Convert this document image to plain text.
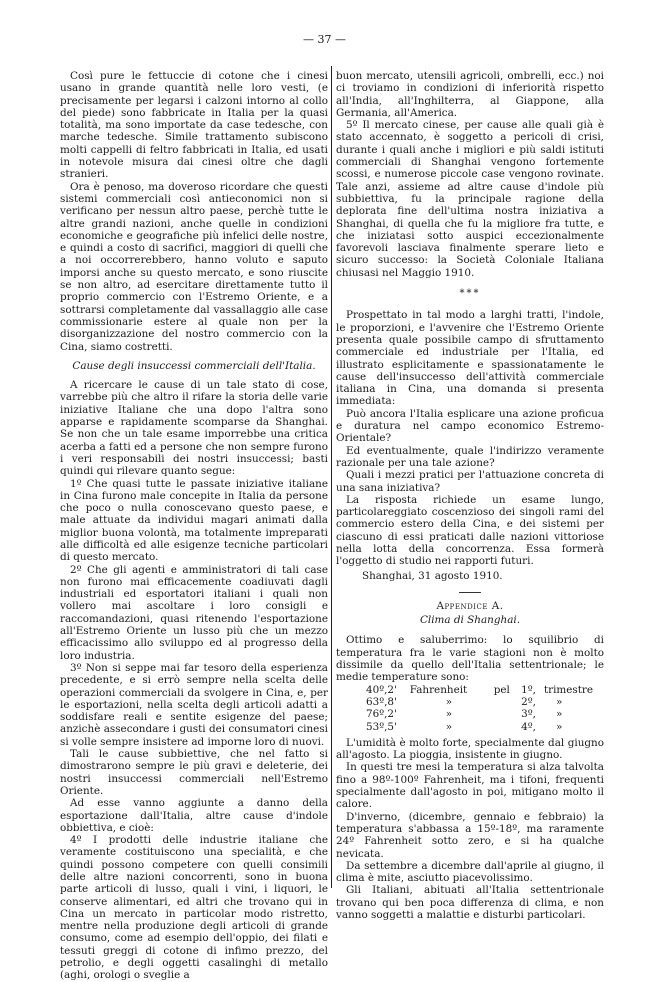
— 37 —

Così pure le fettuccie di cotone che i cinesi usano in grande quantità nelle loro vesti, (e precisamente per legarsi i calzoni intorno al collo del piede) sono fabbricate in Italia per la quasi totalità, ma sono importate da case tedesche, con marche tedesche. Simile trattamento subiscono molti cappelli di feltro fabbricati in Italia, ed usati in notevole misura dai cinesi oltre che dagli stranieri.

Ora è penoso, ma doveroso ricordare che questi sistemi commerciali così antieconomici non si verificano per nessun altro paese, perchè tutte le altre grandi nazioni, anche quelle in condizioni economiche e geografiche più infelici delle nostre, e quindi a costo di sacrifici, maggiori di quelli che a noi occorrerebbero, hanno voluto e saputo imporsi anche su questo mercato, e sono riuscite se non altro, ad esercitare direttamente tutto il proprio commercio con l'Estremo Oriente, e a sottrarsi completamente dal vassallaggio alle case commissionarie estere al quale non per la disorganizzazione del nostro commercio con la Cina, siamo costretti.

Cause degli insuccessi commerciali dell'Italia.

A ricercare le cause di un tale stato di cose, varrebbe più che altro il rifare la storia delle varie iniziative Italiane che una dopo l'altra sono apparse e rapidamente scomparse da Shanghai. Se non che un tale esame imporrebbe una critica acerba a fatti ed a persone che non sempre furono i veri responsabili dei nostri insuccessi; basti quindi qui rilevare quanto segue:

1º Che quasi tutte le passate iniziative italiane in Cina furono male concepite in Italia da persone che poco o nulla conoscevano questo paese, e male attuate da individui magari animati dalla miglior buona volontà, ma totalmente impreparati alle difficoltà ed alle esigenze tecniche particolari di questo mercato.

2º Che gli agenti e amministratori di tali case non furono mai efficacemente coadiuvati dagli industriali ed esportatori italiani i quali non vollero mai ascoltare i loro consigli e raccomandazioni, quasi ritenendo l'esportazione all'Estremo Oriente un lusso più che un mezzo efficacissimo allo sviluppo ed al progresso della loro industria.

3º Non si seppe mai far tesoro della esperienza precedente, e si errò sempre nella scelta delle operazioni commerciali da svolgere in Cina, e, per le esportazioni, nella scelta degli articoli adatti a soddisfare reali e sentite esigenze del paese; anzichè assecondare i gusti dei consumatori cinesi si volle sempre insistere ad imporne loro di nuovi.

Tali le cause subbiettive, che nel fatto si dimostrarono sempre le più gravi e deleterie, dei nostri insuccessi commerciali nell'Estremo Oriente.

Ad esse vanno aggiunte a danno della esportazione dall'Italia, altre cause d'indole obbiettiva, e cioè:

4º I prodotti delle industrie italiane che veramente costituiscono una specialità, e che quindi possono competere con quelli consimili delle altre nazioni concorrenti, sono in buona parte articoli di lusso, quali i vini, i liquori, le conserve alimentari, ed altri che trovano qui in Cina un mercato in particolar modo ristretto, mentre nella produzione degli articoli di grande consumo, come ad esempio dell'oppio, dei filati e tessuti greggi di cotone di infimo prezzo, del petrolio, e degli oggetti casalinghi di metallo (aghi, orologi o sveglie a

buon mercato, utensili agricoli, ombrelli, ecc.) noi ci troviamo in condizioni di inferiorità rispetto all'India, all'Inghilterra, al Giappone, alla Germania, all'America.

5º Il mercato cinese, per cause alle quali già è stato accennato, è soggetto a pericoli di crisi, durante i quali anche i migliori e più saldi istituti commerciali di Shanghai vengono fortemente scossi, e numerose piccole case vengono rovinate. Tale anzi, assieme ad altre cause d'indole più subbiettiva, fu la principale ragione della deplorata fine dell'ultima nostra iniziativa a Shanghai, di quella che fu la migliore fra tutte, e che iniziatasi sotto auspici eccezionalmente favorevoli lasciava finalmente sperare lieto e sicuro successo: la Società Coloniale Italiana chiusasi nel Maggio 1910.

***

Prospettato in tal modo a larghi tratti, l'indole, le proporzioni, e l'avvenire che l'Estremo Oriente presenta quale possibile campo di sfruttamento commerciale ed industriale per l'Italia, ed illustrato esplicitamente e spassionatamente le cause dell'insuccesso dell'attività commerciale italiana in Cina, una domanda si presenta immediata:

Può ancora l'Italia esplicare una azione proficua e duratura nel campo economico Estremo-Orientale?

Ed eventualmente, quale l'indirizzo veramente razionale per una tale azione?

Quali i mezzi pratici per l'attuazione concreta di una sana iniziativa?

La risposta richiede un esame lungo, particolareggiato coscenzioso dei singoli rami del commercio estero della Cina, e dei sistemi per ciascuno di essi praticati dalle nazioni vittoriose nella lotta della concorrenza. Essa formerà l'oggetto di studio nei rapporti futuri.

Shanghai, 31 agosto 1910.

Appendice A.

Clima di Shanghai.

Ottimo e saluberrimo: lo squilibrio di temperatura fra le varie stagioni non è molto dissimile da quello dell'Italia settentrionale; le medie temperature sono:

40º,2'	Fahrenheit	pel	1º,	trimestre
63º,8'	»		2º,	»
76º,2'	»		3º,	»
53º,5'	»		4º,	»

L'umidità è molto forte, specialmente dal giugno all'agosto. La pioggia, insistente in giugno.

In questi tre mesi la temperatura si alza talvolta fino a 98º-100º Fahrenheit, ma i tifoni, frequenti specialmente dall'agosto in poi, mitigano molto il calore.

D'inverno, (dicembre, gennaio e febbraio) la temperatura s'abbassa a 15º-18º, ma raramente 24º Fahrenheit sotto zero, e si ha qualche nevicata.

Da settembre a dicembre dall'aprile al giugno, il clima è mite, asciutto piacevolissimo.

Gli Italiani, abituati all'Italia settentrionale trovano qui ben poca differenza di clima, e non vanno soggetti a malattie e disturbi particolari.
